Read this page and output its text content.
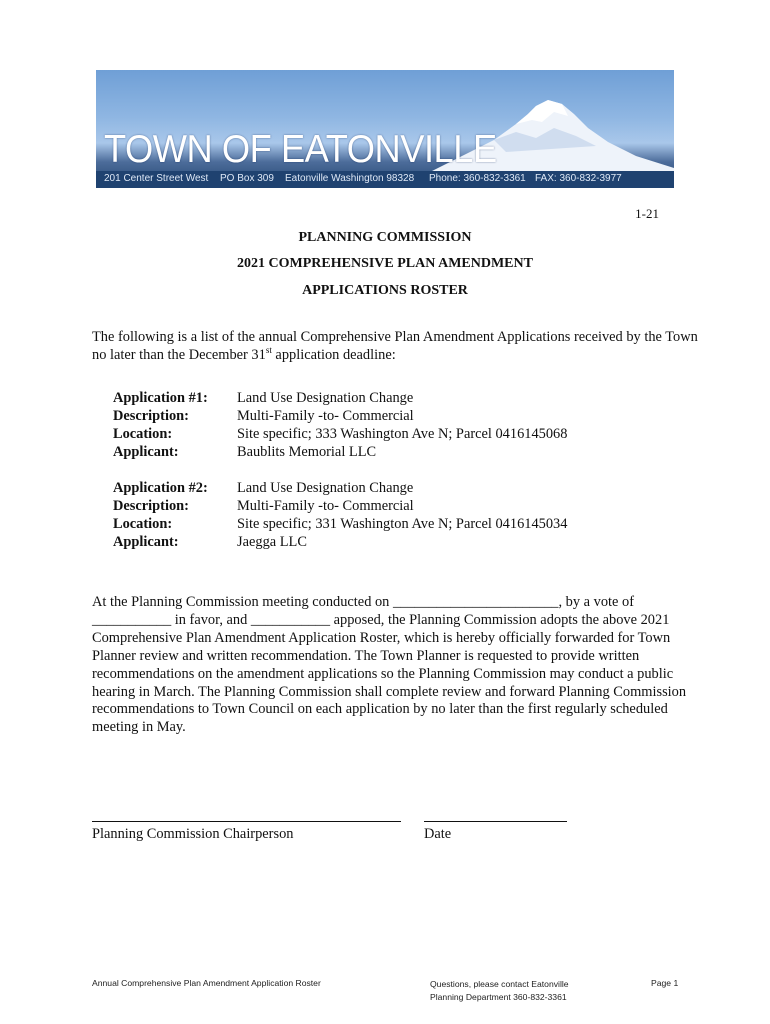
TOWN OF EATONVILLE
201 Center Street West PO Box 309 Eatonville Washington 98328 Phone: 360-832-3361 FAX: 360-832-3977
1-21
PLANNING COMMISSION
2021 COMPREHENSIVE PLAN AMENDMENT
APPLICATIONS ROSTER
The following is a list of the annual Comprehensive Plan Amendment Applications received by the Town no later than the December 31st application deadline:
Application #1:	Land Use Designation Change
Description:	Multi-Family -to- Commercial
Location:	Site specific; 333 Washington Ave N; Parcel 0416145068
Applicant:	Baublits Memorial LLC
Application #2:	Land Use Designation Change
Description:	Multi-Family -to- Commercial
Location:	Site specific; 331 Washington Ave N; Parcel 0416145034
Applicant:	Jaegga LLC
At the Planning Commission meeting conducted on _______________________, by a vote of ___________ in favor, and ___________ apposed, the Planning Commission adopts the above 2021 Comprehensive Plan Amendment Application Roster, which is hereby officially forwarded for Town Planner review and written recommendation. The Town Planner is requested to provide written recommendations on the amendment applications so the Planning Commission may conduct a public hearing in March. The Planning Commission shall complete review and forward Planning Commission recommendations to Town Council on each application by no later than the first regularly scheduled meeting in May.
Planning Commission Chairperson	Date
Annual Comprehensive Plan Amendment Application Roster	Questions, please contact Eatonville
Planning Department 360-832-3361
Page 1
